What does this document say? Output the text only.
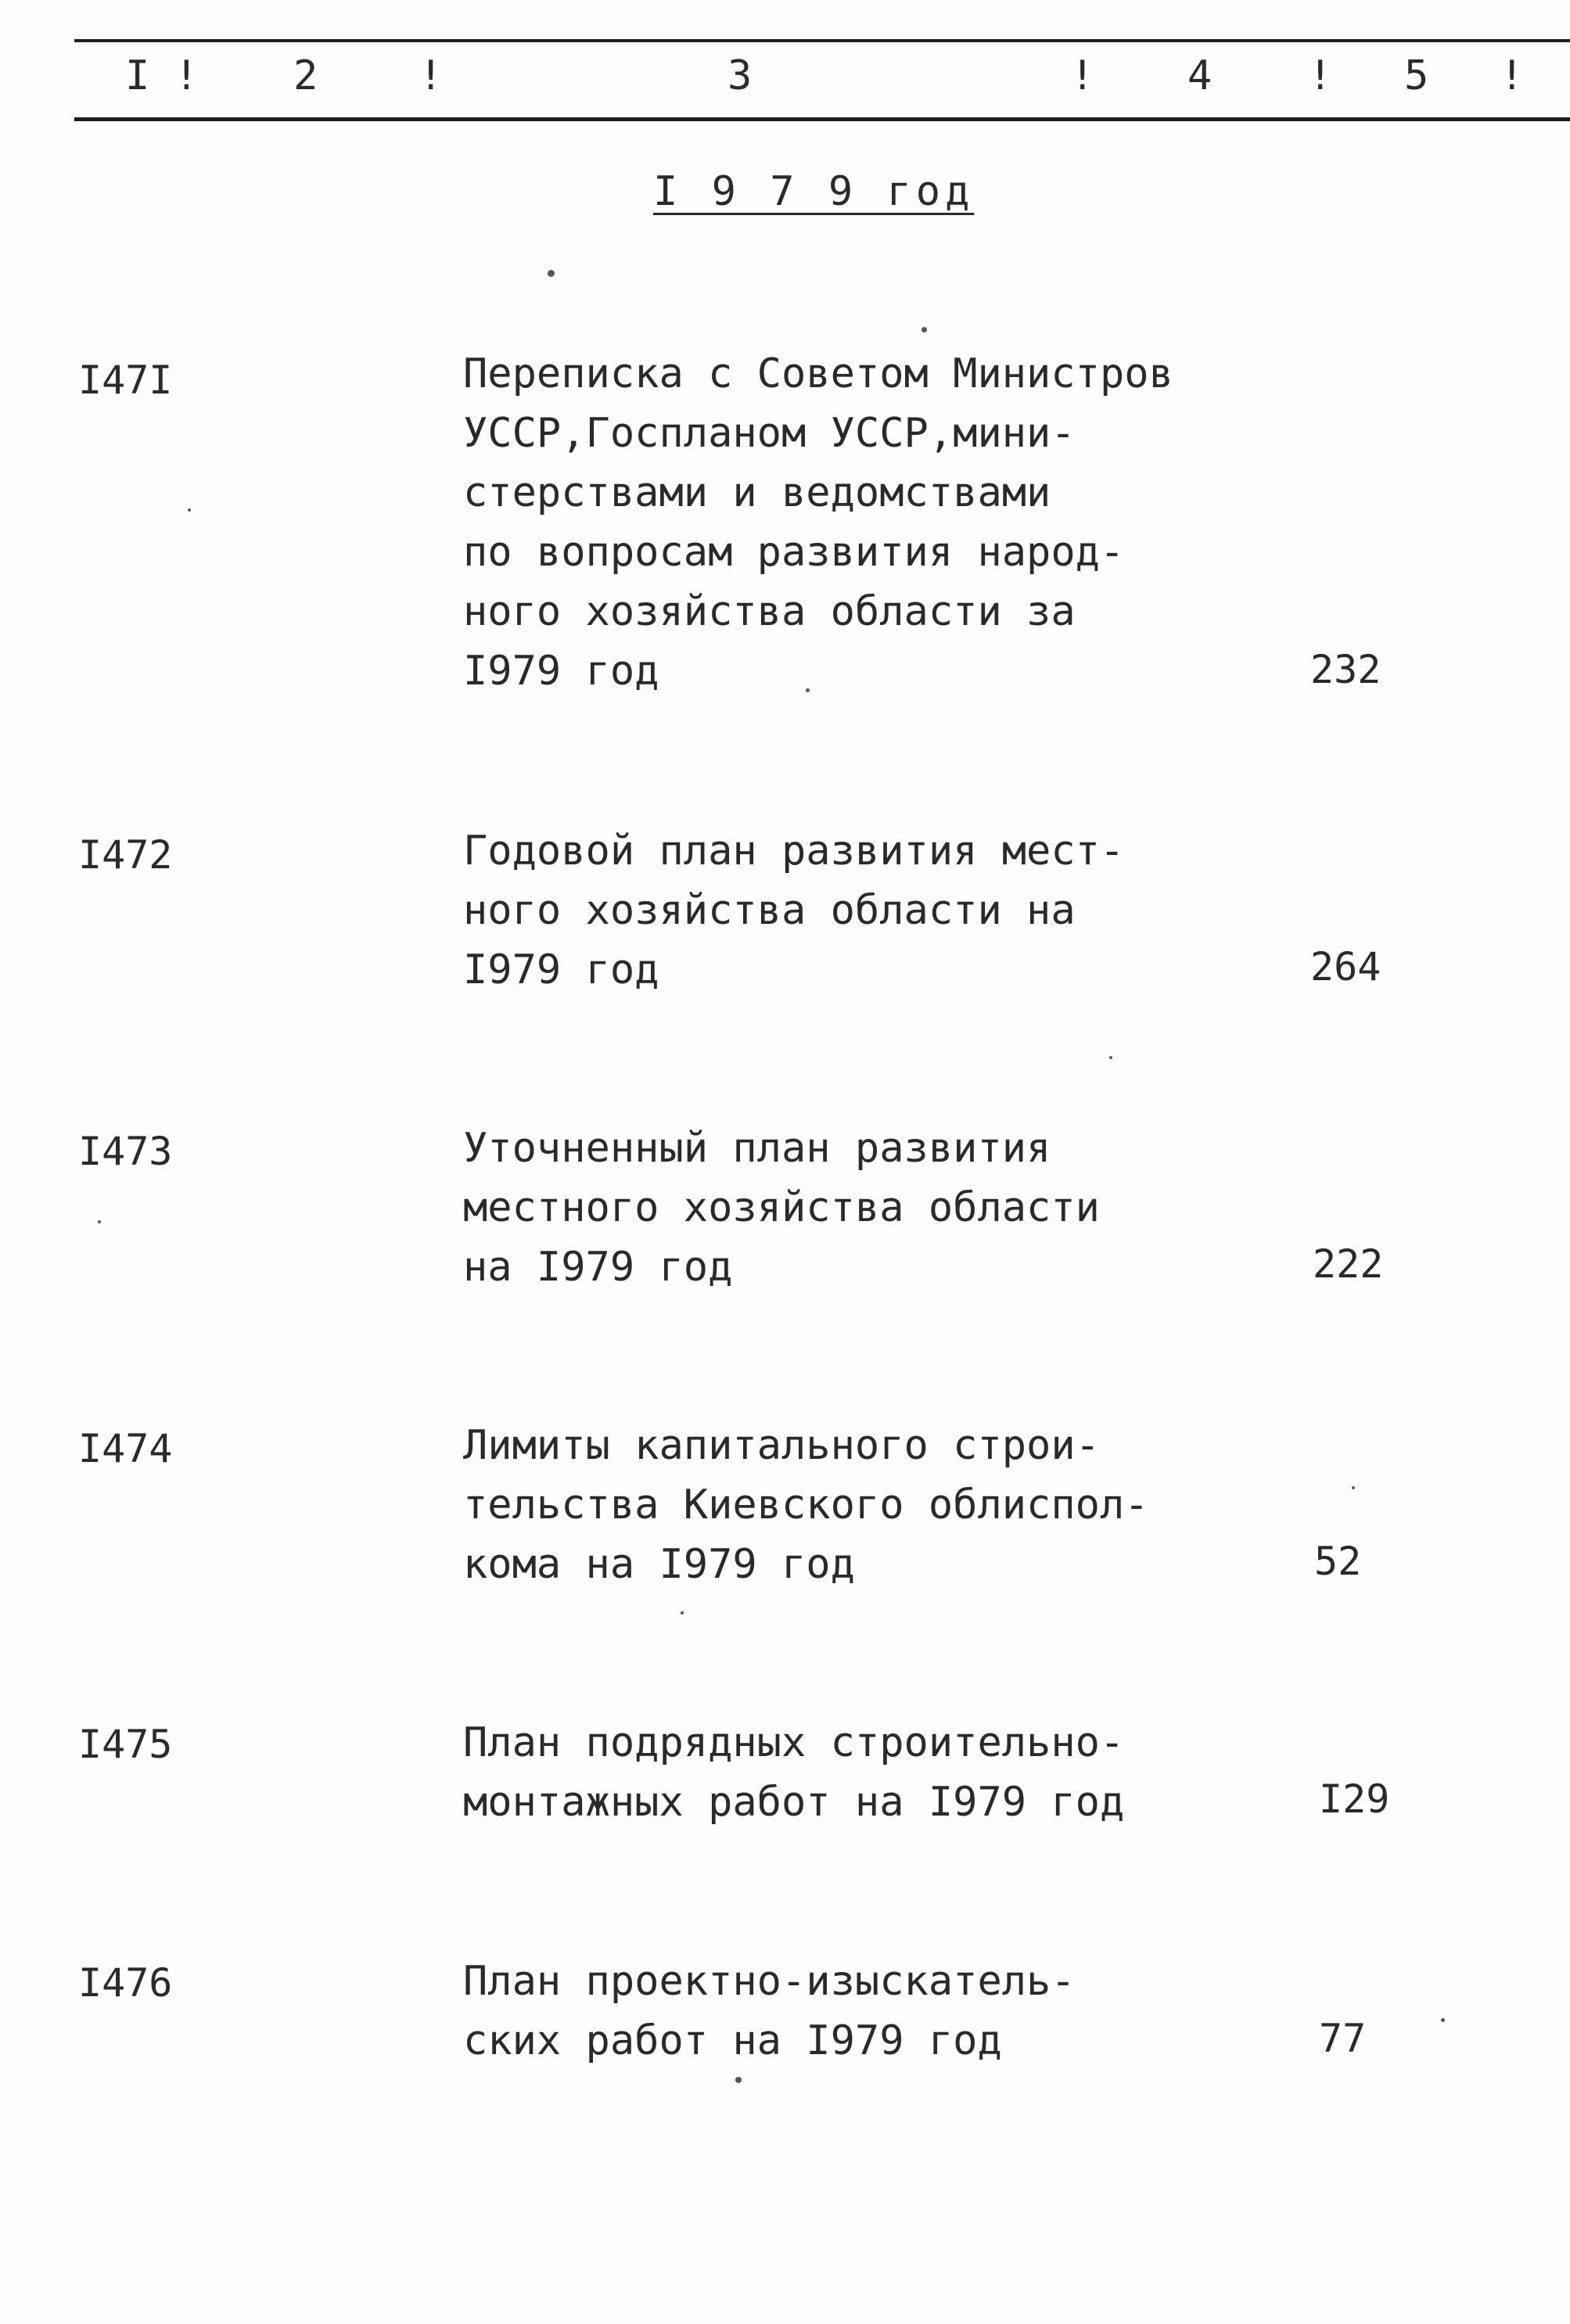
I ! 2 !	3	! 4 ! 5 !
I 9 7 9 год
I47I	Переписка с Советом Министров
УССР,Госпланом УССР,мини-
стерствами и ведомствами
по вопросам развития народ-
ного хозяйства области за
I979 год	232
I472	Годовой план развития мест-
ного хозяйства области на
I979 год	264
I473	Уточненный план развития
местного хозяйства области
на I979 год	222
I474	Лимиты капитального строи-
тельства Киевского облиспол-
кома на I979 год	52
I475	План подрядных строительно-
монтажных работ на I979 год	I29
I476	План проектно-изыскатель-
ских работ на I979 год	77
